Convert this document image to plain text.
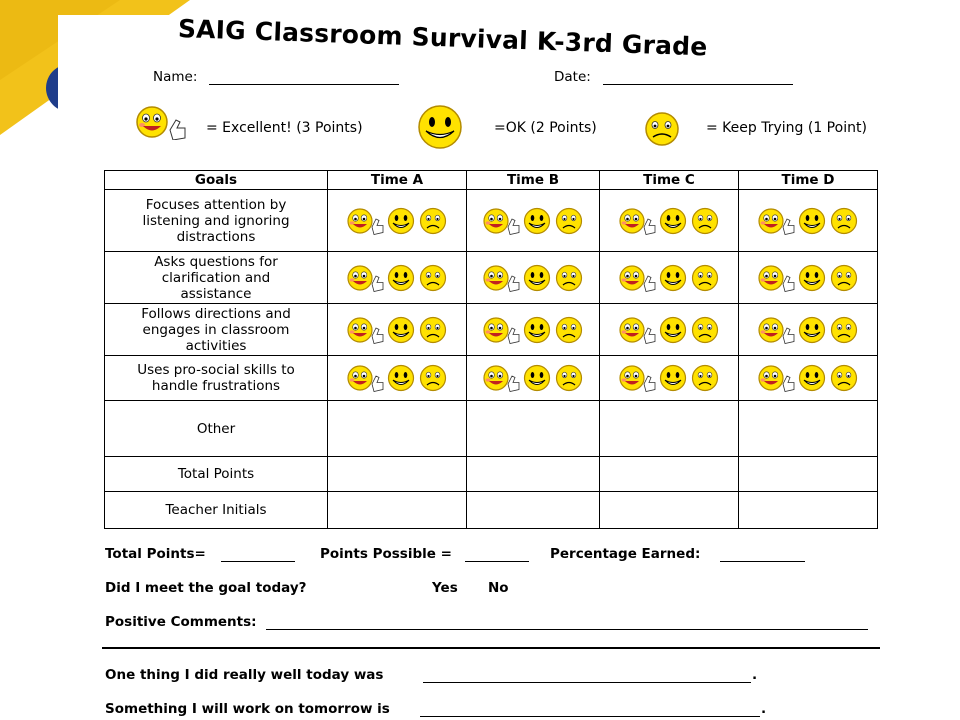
SAIG Classroom Survival K-3rd Grade
Name:	Date:
= Excellent! (3 Points)	=OK (2 Points)	= Keep Trying (1 Point)
Goals	Time A	Time B	Time C	Time D
Focuses attention by listening and ignoring distractions	

Asks questions for clarification and assistance	

Follows directions and engages in classroom activities	

Uses pro-social skills to handle frustrations	

Other				
Total Points				
Teacher Initials				
Total Points=	Points Possible =	Percentage Earned:
Did I meet the goal today?	Yes No
Positive Comments:
One thing I did really well today was	.
Something I will work on tomorrow is	.
